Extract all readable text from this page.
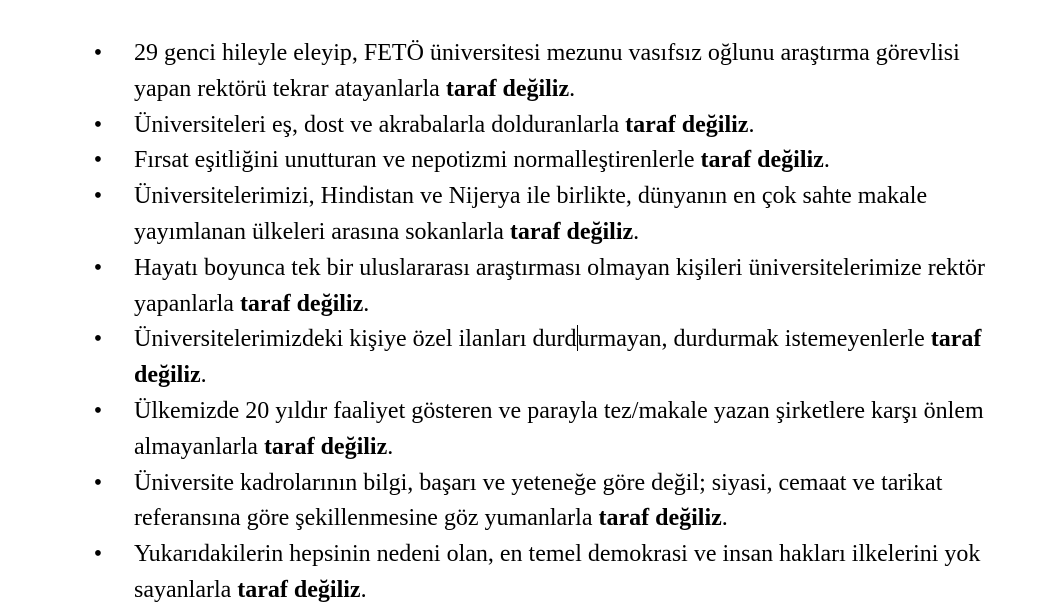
• 29 genci hileyle eleyip, FETÖ üniversitesi mezunu vasıfsız oğlunu araştırma görevlisi yapan rektörü tekrar atayanlarla taraf değiliz.
• Üniversiteleri eş, dost ve akrabalarla dolduranlarla taraf değiliz.
• Fırsat eşitliğini unutturan ve nepotizmi normalleştirenlerle taraf değiliz.
• Üniversitelerimizi, Hindistan ve Nijerya ile birlikte, dünyanın en çok sahte makale yayımlanan ülkeleri arasına sokanlarla taraf değiliz.
• Hayatı boyunca tek bir uluslararası araştırması olmayan kişileri üniversitelerimize rektör yapanlarla taraf değiliz.
• Üniversitelerimizdeki kişiye özel ilanları durdurmayan, durdurmak istemeyenlerle taraf değiliz.
• Ülkemizde 20 yıldır faaliyet gösteren ve parayla tez/makale yazan şirketlere karşı önlem almayanlarla taraf değiliz.
• Üniversite kadrolarının bilgi, başarı ve yeteneğe göre değil; siyasi, cemaat ve tarikat referansına göre şekillenmesine göz yumanlarla taraf değiliz.
• Yukarıdakilerin hepsinin nedeni olan, en temel demokrasi ve insan hakları ilkelerini yok sayanlarla taraf değiliz.
